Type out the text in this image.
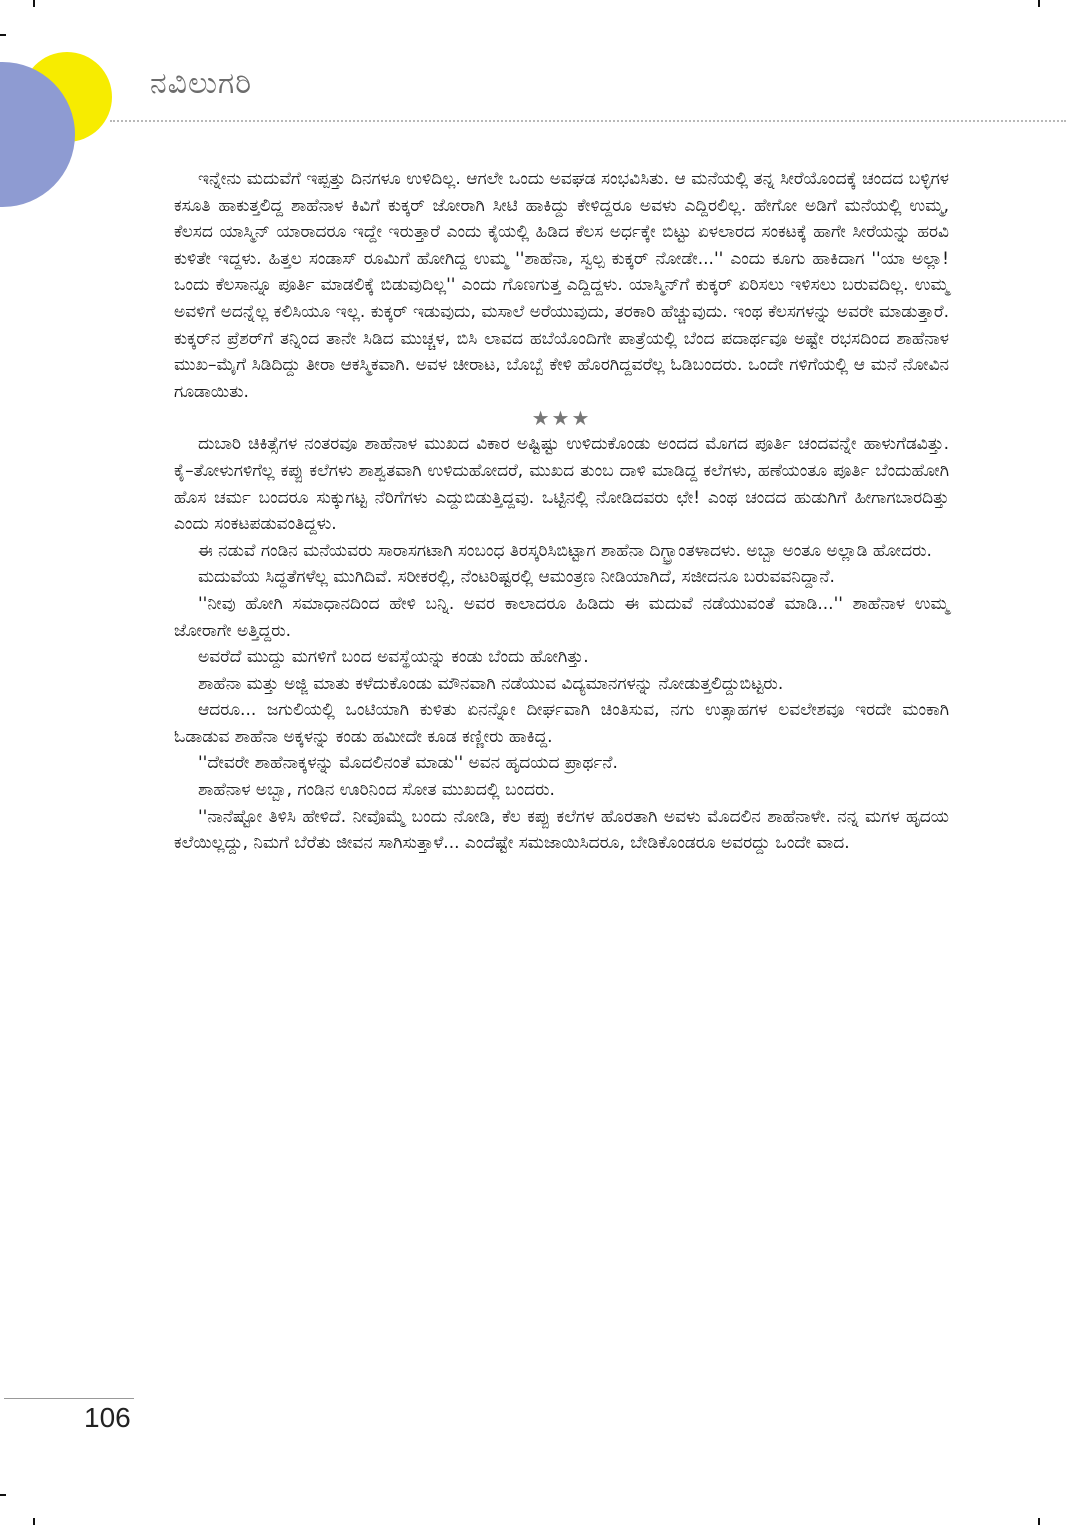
ನವಿಲುಗರಿ

ಇನ್ನೇನು ಮದುವೆಗೆ ಇಪ್ಪತ್ತು ದಿನಗಳೂ ಉಳಿದಿಲ್ಲ. ಆಗಲೇ ಒಂದು ಅವಘಡ ಸಂಭವಿಸಿತು. ಆ ಮನೆಯಲ್ಲಿ ತನ್ನ ಸೀರೆಯೊಂದಕ್ಕೆ ಚಂದದ ಬಳ್ಳಿಗಳ ಕಸೂತಿ ಹಾಕುತ್ತಲಿದ್ದ ಶಾಹೆನಾಳ ಕಿವಿಗೆ ಕುಕ್ಕರ್ ಜೋರಾಗಿ ಸೀಟಿ ಹಾಕಿದ್ದು ಕೇಳಿದ್ದರೂ ಅವಳು ಎದ್ದಿರಲಿಲ್ಲ. ಹೇಗೋ ಅಡಿಗೆ ಮನೆಯಲ್ಲಿ ಉಮ್ಮ, ಕೆಲಸದ ಯಾಸ್ಮಿನ್ ಯಾರಾದರೂ ಇದ್ದೇ ಇರುತ್ತಾರೆ ಎಂದು ಕೈಯಲ್ಲಿ ಹಿಡಿದ ಕೆಲಸ ಅರ್ಧಕ್ಕೇ ಬಿಟ್ಟು ಏಳಲಾರದ ಸಂಕಟಕ್ಕೆ ಹಾಗೇ ಸೀರೆಯನ್ನು ಹರವಿ ಕುಳಿತೇ ಇದ್ದಳು. ಹಿತ್ತಲ ಸಂಡಾಸ್ ರೂಮಿಗೆ ಹೋಗಿದ್ದ ಉಮ್ಮ ''ಶಾಹೆನಾ, ಸ್ವಲ್ಪ ಕುಕ್ಕರ್ ನೋಡೇ...'' ಎಂದು ಕೂಗು ಹಾಕಿದಾಗ ''ಯಾ ಅಲ್ಲಾ! ಒಂದು ಕೆಲಸಾನ್ನೂ ಪೂರ್ತಿ ಮಾಡಲಿಕ್ಕೆ ಬಿಡುವುದಿಲ್ಲ'' ಎಂದು ಗೊಣಗುತ್ತ ಎದ್ದಿದ್ದಳು. ಯಾಸ್ಮಿನ್‌ಗೆ ಕುಕ್ಕರ್ ಏರಿಸಲು ಇಳಿಸಲು ಬರುವದಿಲ್ಲ. ಉಮ್ಮ ಅವಳಿಗೆ ಅದನ್ನೆಲ್ಲ ಕಲಿಸಿಯೂ ಇಲ್ಲ. ಕುಕ್ಕರ್ ಇಡುವುದು, ಮಸಾಲೆ ಅರೆಯುವುದು, ತರಕಾರಿ ಹೆಚ್ಚುವುದು. ಇಂಥ ಕೆಲಸಗಳನ್ನು ಅವರೇ ಮಾಡುತ್ತಾರೆ. ಕುಕ್ಕರ್‌ನ ಪ್ರೆಶರ್‌ಗೆ ತನ್ನಿಂದ ತಾನೇ ಸಿಡಿದ ಮುಚ್ಚಳ, ಬಿಸಿ ಲಾವದ ಹಬೆಯೊಂದಿಗೇ ಪಾತ್ರೆಯಲ್ಲಿ ಬೆಂದ ಪದಾರ್ಥವೂ ಅಷ್ಟೇ ರಭಸದಿಂದ ಶಾಹೆನಾಳ ಮುಖ–ಮೈಗೆ ಸಿಡಿದಿದ್ದು ತೀರಾ ಆಕಸ್ಮಿಕವಾಗಿ. ಅವಳ ಚೀರಾಟ, ಬೊಬ್ಬೆ ಕೇಳಿ ಹೊರಗಿದ್ದವರೆಲ್ಲ ಓಡಿಬಂದರು. ಒಂದೇ ಗಳಿಗೆಯಲ್ಲಿ ಆ ಮನೆ ನೋವಿನ ಗೂಡಾಯಿತು.

★★★

ದುಬಾರಿ ಚಿಕಿತ್ಸೆಗಳ ನಂತರವೂ ಶಾಹೆನಾಳ ಮುಖದ ವಿಕಾರ ಅಷ್ಟಿಷ್ಟು ಉಳಿದುಕೊಂಡು ಅಂದದ ಮೊಗದ ಪೂರ್ತಿ ಚಂದವನ್ನೇ ಹಾಳುಗೆಡವಿತ್ತು. ಕೈ–ತೋಳುಗಳಿಗೆಲ್ಲ ಕಪ್ಪು ಕಲೆಗಳು ಶಾಶ್ವತವಾಗಿ ಉಳಿದುಹೋದರೆ, ಮುಖದ ತುಂಬ ದಾಳಿ ಮಾಡಿದ್ದ ಕಲೆಗಳು, ಹಣೆಯಂತೂ ಪೂರ್ತಿ ಬೆಂದುಹೋಗಿ ಹೊಸ ಚರ್ಮ ಬಂದರೂ ಸುಕ್ಕುಗಟ್ಟ ನೆರಿಗೆಗಳು ಎದ್ದುಬಿಡುತ್ತಿದ್ದವು. ಒಟ್ಟಿನಲ್ಲಿ ನೋಡಿದವರು ಛೇ! ಎಂಥ ಚಂದದ ಹುಡುಗಿಗೆ ಹೀಗಾಗಬಾರದಿತ್ತು ಎಂದು ಸಂಕಟಪಡುವಂತಿದ್ದಳು.

ಈ ನಡುವೆ ಗಂಡಿನ ಮನೆಯವರು ಸಾರಾಸಗಟಾಗಿ ಸಂಬಂಧ ತಿರಸ್ಕರಿಸಿಬಿಟ್ಟಾಗ ಶಾಹೆನಾ ದಿಗ್ಭ್ರಾಂತಳಾದಳು. ಅಬ್ಬಾ ಅಂತೂ ಅಲ್ಲಾಡಿ ಹೋದರು.

ಮದುವೆಯ ಸಿದ್ಧತೆಗಳೆಲ್ಲ ಮುಗಿದಿವೆ. ಸರೀಕರಲ್ಲಿ, ನೆಂಟರಿಷ್ಟರಲ್ಲಿ ಆಮಂತ್ರಣ ನೀಡಿಯಾಗಿದೆ, ಸಜೀದನೂ ಬರುವವನಿದ್ದಾನೆ.

''ನೀವು ಹೋಗಿ ಸಮಾಧಾನದಿಂದ ಹೇಳಿ ಬನ್ನಿ. ಅವರ ಕಾಲಾದರೂ ಹಿಡಿದು ಈ ಮದುವೆ ನಡೆಯುವಂತೆ ಮಾಡಿ...'' ಶಾಹೆನಾಳ ಉಮ್ಮ ಜೋರಾಗೇ ಅತ್ತಿದ್ದರು.

ಅವರೆದೆ ಮುದ್ದು ಮಗಳಿಗೆ ಬಂದ ಅವಸ್ಥೆಯನ್ನು ಕಂಡು ಬೆಂದು ಹೋಗಿತ್ತು.

ಶಾಹೆನಾ ಮತ್ತು ಅಜ್ಜಿ ಮಾತು ಕಳೆದುಕೊಂಡು ಮೌನವಾಗಿ ನಡೆಯುವ ವಿದ್ಯಮಾನಗಳನ್ನು ನೋಡುತ್ತಲಿದ್ದುಬಿಟ್ಟರು.

ಆದರೂ... ಜಗುಲಿಯಲ್ಲಿ ಒಂಟಿಯಾಗಿ ಕುಳಿತು ಏನನ್ನೋ ದೀರ್ಘವಾಗಿ ಚಿಂತಿಸುವ, ನಗು ಉತ್ಸಾಹಗಳ ಲವಲೇಶವೂ ಇರದೇ ಮಂಕಾಗಿ ಓಡಾಡುವ ಶಾಹೆನಾ ಅಕ್ಕಳನ್ನು ಕಂಡು ಹಮೀದೇ ಕೂಡ ಕಣ್ಣೀರು ಹಾಕಿದ್ದ.

''ದೇವರೇ ಶಾಹೆನಾಕ್ಕಳನ್ನು ಮೊದಲಿನಂತೆ ಮಾಡು'' ಅವನ ಹೃದಯದ ಪ್ರಾರ್ಥನೆ.

ಶಾಹೆನಾಳ ಅಬ್ಬಾ, ಗಂಡಿನ ಊರಿನಿಂದ ಸೋತ ಮುಖದಲ್ಲಿ ಬಂದರು.

''ನಾನೆಷ್ಟೋ ತಿಳಿಸಿ ಹೇಳಿದೆ. ನೀವೊಮ್ಮೆ ಬಂದು ನೋಡಿ, ಕೆಲ ಕಪ್ಪು ಕಲೆಗಳ ಹೊರತಾಗಿ ಅವಳು ಮೊದಲಿನ ಶಾಹೆನಾಳೇ. ನನ್ನ ಮಗಳ ಹೃದಯ ಕಲೆಯಿಲ್ಲದ್ದು, ನಿಮಗೆ ಬೆರೆತು ಜೀವನ ಸಾಗಿಸುತ್ತಾಳೆ... ಎಂದೆಷ್ಟೇ ಸಮಜಾಯಿಸಿದರೂ, ಬೇಡಿಕೊಂಡರೂ ಅವರದ್ದು ಒಂದೇ ವಾದ.

106
